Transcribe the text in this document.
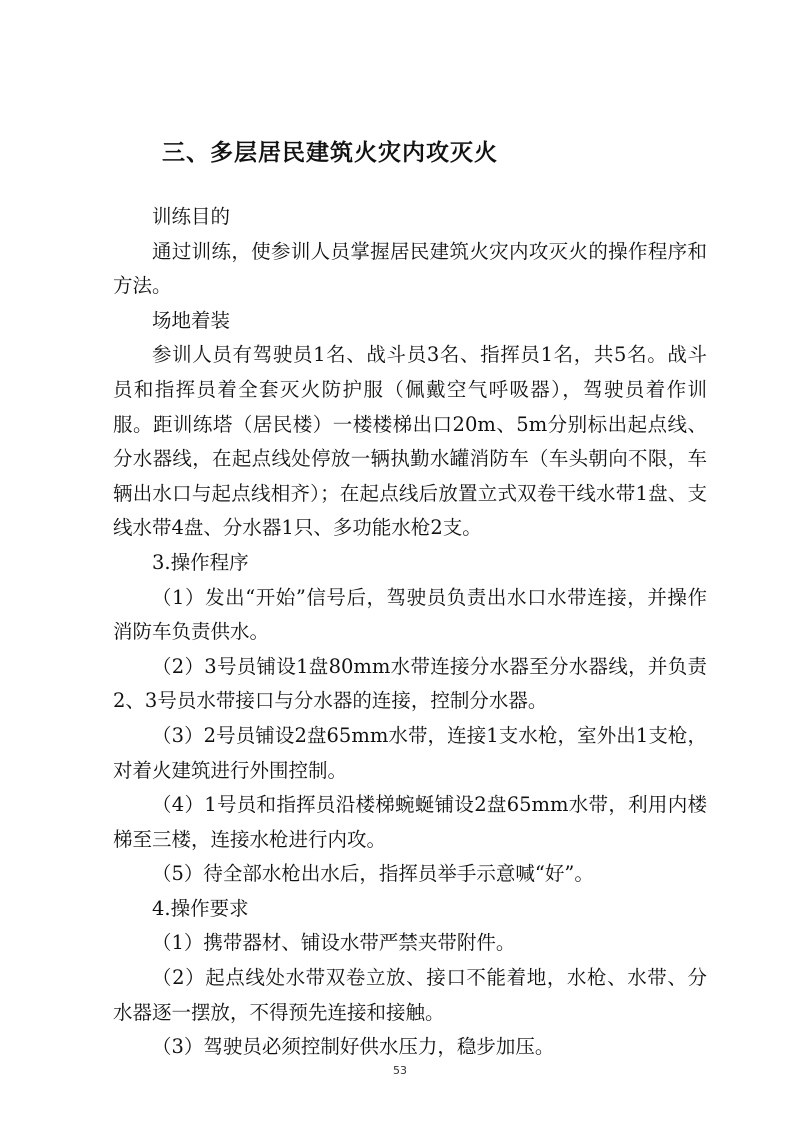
三、多层居民建筑火灾内攻灭火

训练目的

通过训练，使参训人员掌握居民建筑火灾内攻灭火的操作程序和方法。

场地着装

参训人员有驾驶员1名、战斗员3名、指挥员1名，共5名。战斗员和指挥员着全套灭火防护服（佩戴空气呼吸器），驾驶员着作训服。距训练塔（居民楼）一楼楼梯出口20m、5m分别标出起点线、分水器线，在起点线处停放一辆执勤水罐消防车（车头朝向不限，车辆出水口与起点线相齐）；在起点线后放置立式双卷干线水带1盘、支线水带4盘、分水器1只、多功能水枪2支。

3.操作程序

（1）发出“开始”信号后，驾驶员负责出水口水带连接，并操作消防车负责供水。

（2）3号员铺设1盘80mm水带连接分水器至分水器线，并负责2、3号员水带接口与分水器的连接，控制分水器。

（3）2号员铺设2盘65mm水带，连接1支水枪，室外出1支枪，对着火建筑进行外围控制。

（4）1号员和指挥员沿楼梯蜿蜒铺设2盘65mm水带，利用内楼梯至三楼，连接水枪进行内攻。

（5）待全部水枪出水后，指挥员举手示意喊“好”。

4.操作要求

（1）携带器材、铺设水带严禁夹带附件。

（2）起点线处水带双卷立放、接口不能着地，水枪、水带、分水器逐一摆放，不得预先连接和接触。

（3）驾驶员必须控制好供水压力，稳步加压。

53
